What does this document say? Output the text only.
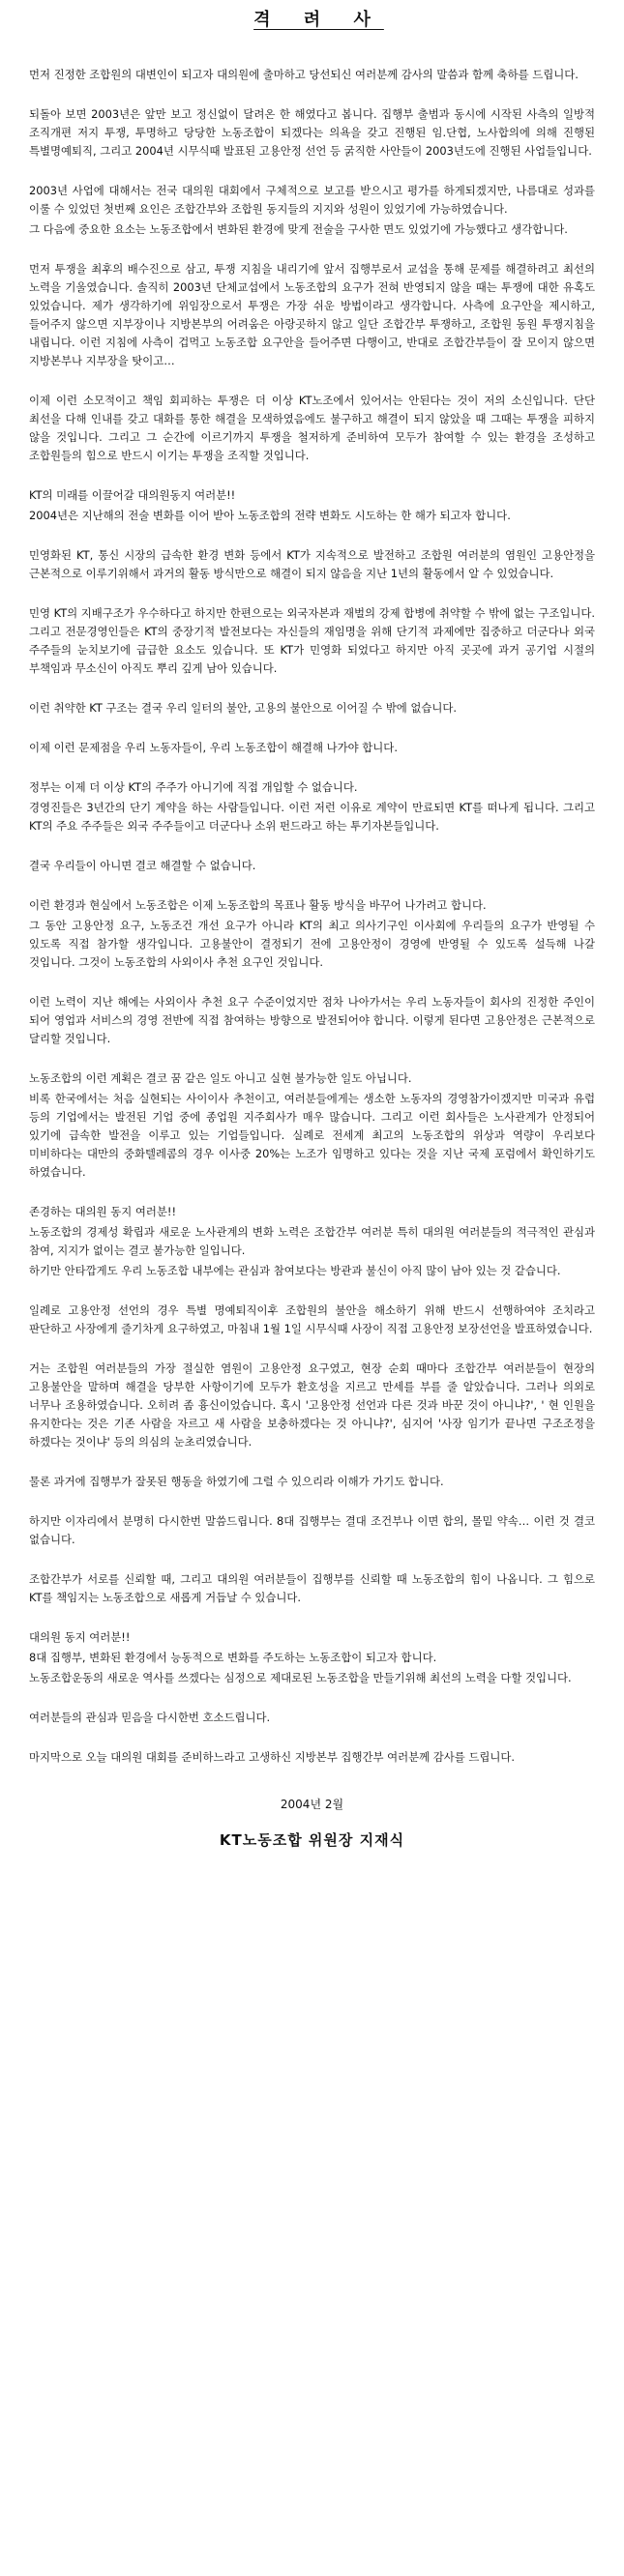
격 려 사

먼저 진정한 조합원의 대변인이 되고자 대의원에 출마하고 당선되신 여러분께 감사의 말씀과 함께 축하를 드립니다.

되돌아 보면 2003년은 앞만 보고 정신없이 달려온 한 해였다고 봅니다. 집행부 출범과 동시에 시작된 사측의 일방적 조직개편 저지 투쟁, 투명하고 당당한 노동조합이 되겠다는 의욕을 갖고 진행된 임.단협, 노사합의에 의해 진행된 특별명예퇴직, 그리고 2004년 시무식때 발표된 고용안정 선언 등 굵직한 사안들이 2003년도에 진행된 사업들입니다.

2003년 사업에 대해서는 전국 대의원 대회에서 구체적으로 보고를 받으시고 평가를 하게되겠지만, 나름대로 성과를 이룰 수 있었던 첫번째 요인은 조합간부와 조합원 동지들의 지지와 성원이 있었기에 가능하였습니다.

그 다음에 중요한 요소는 노동조합에서 변화된 환경에 맞게 전술을 구사한 면도 있었기에 가능했다고 생각합니다.

먼저 투쟁을 최후의 배수진으로 삼고, 투쟁 지침을 내리기에 앞서 집행부로서 교섭을 통해 문제를 해결하려고 최선의 노력을 기울였습니다. 솔직히 2003년 단체교섭에서 노동조합의 요구가 전혀 반영되지 않을 때는 투쟁에 대한 유혹도 있었습니다. 제가 생각하기에 위임장으로서 투쟁은 가장 쉬운 방법이라고 생각합니다. 사측에 요구안을 제시하고, 들어주지 않으면 지부장이나 지방본부의 어려움은 아랑곳하지 않고 일단 조합간부 투쟁하고, 조합원 동원 투쟁지침을 내립니다. 이런 지침에 사측이 겁먹고 노동조합 요구안을 들어주면 다행이고, 반대로 조합간부들이 잘 모이지 않으면 지방본부나 지부장을 탓이고…

이제 이런 소모적이고 책임 회피하는 투쟁은 더 이상 KT노조에서 있어서는 안된다는 것이 저의 소신입니다. 단단 최선을 다해 인내를 갖고 대화를 통한 해결을 모색하였음에도 불구하고 해결이 되지 않았을 때 그때는 투쟁을 피하지 않을 것입니다. 그리고 그 순간에 이르기까지 투쟁을 철저하게 준비하여 모두가 참여할 수 있는 환경을 조성하고 조합원들의 힘으로 반드시 이기는 투쟁을 조직할 것입니다.

KT의 미래를 이끌어갈 대의원동지 여러분!!

2004년은 지난해의 전술 변화를 이어 받아 노동조합의 전략 변화도 시도하는 한 해가 되고자 합니다.

민영화된 KT, 통신 시장의 급속한 환경 변화 등에서 KT가 지속적으로 발전하고 조합원 여러분의 염원인 고용안정을 근본적으로 이루기위해서 과거의 활동 방식만으로 해결이 되지 않음을 지난 1년의 활동에서 알 수 있었습니다.

민영 KT의 지배구조가 우수하다고 하지만 한편으로는 외국자본과 재벌의 강제 합병에 취약할 수 밖에 없는 구조입니다. 그리고 전문경영인들은 KT의 중장기적 발전보다는 자신들의 재임명을 위해 단기적 과제에만 집중하고 더군다나 외국 주주들의 눈치보기에 급급한 요소도 있습니다. 또 KT가 민영화 되었다고 하지만 아직 곳곳에 과거 공기업 시절의 부책임과 무소신이 아직도 뿌리 깊게 남아 있습니다.

이런 취약한 KT 구조는 결국 우리 일터의 불안, 고용의 불안으로 이어질 수 밖에 없습니다.

이제 이런 문제점을 우리 노동자들이, 우리 노동조합이 해결해 나가야 합니다.

정부는 이제 더 이상 KT의 주주가 아니기에 직접 개입할 수 없습니다.

경영진들은 3년간의 단기 계약을 하는 사람들입니다. 이런 저런 이유로 계약이 만료되면 KT를 떠나게 됩니다. 그리고 KT의 주요 주주들은 외국 주주들이고 더군다나 소위 펀드라고 하는 투기자본들입니다.

결국 우리들이 아니면 결코 해결할 수 없습니다.

이런 환경과 현실에서 노동조합은 이제 노동조합의 목표나 활동 방식을 바꾸어 나가려고 합니다.

그 동안 고용안정 요구, 노동조건 개선 요구가 아니라 KT의 최고 의사기구인 이사회에 우리들의 요구가 반영될 수 있도록 직접 참가할 생각입니다. 고용불안이 결정되기 전에 고용안정이 경영에 반영될 수 있도록 설득해 나갈 것입니다. 그것이 노동조합의 사외이사 추천 요구인 것입니다.

이런 노력이 지난 해에는 사외이사 추천 요구 수준이었지만 점차 나아가서는 우리 노동자들이 회사의 진정한 주인이 되어 영업과 서비스의 경영 전반에 직접 참여하는 방향으로 발전되어야 합니다. 이렇게 된다면 고용안정은 근본적으로 달리할 것입니다.

노동조합의 이런 계획은 결코 꿈 같은 일도 아니고 실현 불가능한 일도 아닙니다.

비록 한국에서는 처음 실현되는 사이이사 추천이고, 여러분들에게는 생소한 노동자의 경영참가이겠지만 미국과 유럽 등의 기업에서는 발전된 기업 중에 종업원 지주회사가 매우 많습니다. 그리고 이런 회사들은 노사관계가 안정되어 있기에 급속한 발전을 이루고 있는 기업들입니다. 실례로 전세계 최고의 노동조합의 위상과 역량이 우리보다 미비하다는 대만의 중화텔레콤의 경우 이사중 20%는 노조가 임명하고 있다는 것을 지난 국제 포럼에서 확인하기도 하였습니다.

존경하는 대의원 동지 여러분!!

노동조합의 경제성 확립과 새로운 노사관계의 변화 노력은 조합간부 여러분 특히 대의원 여러분들의 적극적인 관심과 참여, 지지가 없이는 결코 불가능한 일입니다.

하기만 안타깝게도 우리 노동조합 내부에는 관심과 참여보다는 방관과 불신이 아직 많이 남아 있는 것 같습니다.

일례로 고용안정 선언의 경우 특별 명예퇴직이후 조합원의 불안을 해소하기 위해 반드시 선행하여야 조치라고 판단하고 사장에게 줄기차게 요구하였고, 마침내 1월 1일 시무식때 사장이 직접 고용안정 보장선언을 발표하였습니다.

거는 조합원 여러분들의 가장 절실한 염원이 고용안정 요구였고, 현장 순회 때마다 조합간부 여러분들이 현장의 고용불안을 말하며 해결을 당부한 사항이기에 모두가 환호성을 지르고 만세를 부를 줄 알았습니다. 그러나 의외로 너무나 조용하였습니다. 오히려 좀 흉신이었습니다. 혹시 '고용안정 선언과 다른 것과 바꾼 것이 아니냐?', ' 현 인원을 유지한다는 것은 기존 사람을 자르고 새 사람을 보충하겠다는 것 아니냐?', 심지어 '사장 임기가 끝나면 구조조정을 하겠다는 것이냐' 등의 의심의 눈초리였습니다.

물론 과거에 집행부가 잘못된 행동을 하였기에 그럴 수 있으리라 이해가 가기도 합니다.

하지만 이자리에서 분명히 다시한번 말씀드립니다. 8대 집행부는 결대 조건부나 이면 합의, 몰밑 약속… 이런 것 결코 없습니다.

조합간부가 서로를 신뢰할 때, 그리고 대의원 여러분들이 집행부를 신뢰할 때 노동조합의 힘이 나옵니다. 그 힘으로 KT를 책임지는 노동조합으로 새롭게 거듭날 수 있습니다.

대의원 동지 여러분!!

8대 집행부, 변화된 환경에서 능동적으로 변화를 주도하는 노동조합이 되고자 합니다.

노동조합운동의 새로운 역사를 쓰겠다는 심정으로 제대로된 노동조합을 만들기위해 최선의 노력을 다할 것입니다.

여러분들의 관심과 믿음을 다시한번 호소드립니다.

마지막으로 오늘 대의원 대회를 준비하느라고 고생하신 지방본부 집행간부 여러분께 감사를 드립니다.

2004년 2월
KT노동조합 위원장 지재식
